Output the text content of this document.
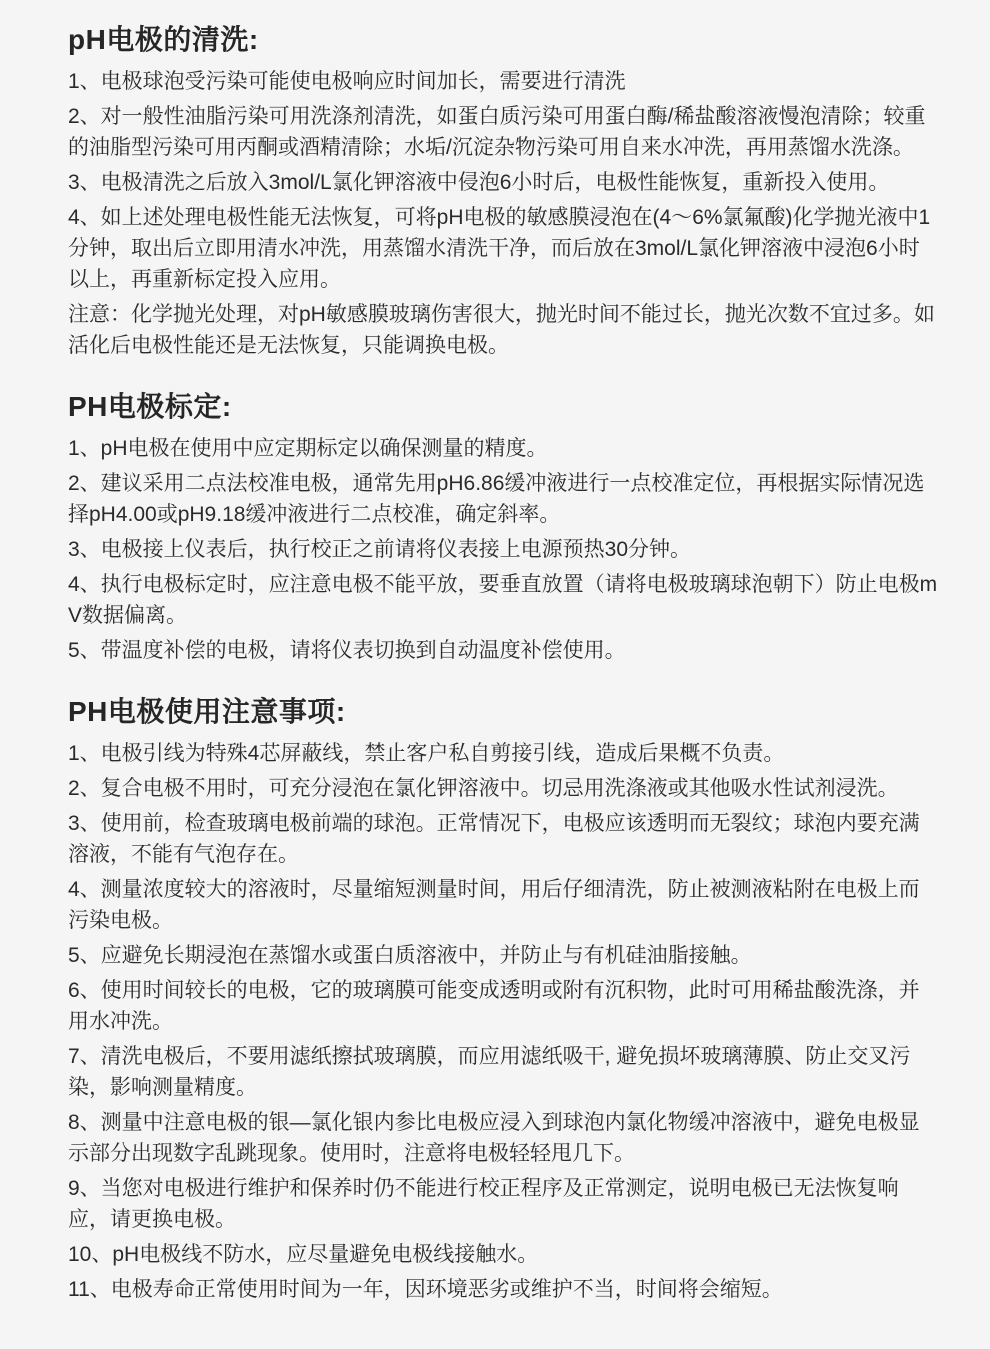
pH电极的清洗:

1、电极球泡受污染可能使电极响应时间加长，需要进行清洗

2、对一般性油脂污染可用洗涤剂清洗，如蛋白质污染可用蛋白酶/稀盐酸溶液慢泡清除；较重的油脂型污染可用丙酮或酒精清除；水垢/沉淀杂物污染可用自来水冲洗，再用蒸馏水洗涤。

3、电极清洗之后放入3mol/L氯化钾溶液中侵泡6小时后，电极性能恢复，重新投入使用。

4、如上述处理电极性能无法恢复，可将pH电极的敏感膜浸泡在(4～6%氯氟酸)化学抛光液中1分钟，取出后立即用清水冲洗，用蒸馏水清洗干净，而后放在3mol/L氯化钾溶液中浸泡6小时以上，再重新标定投入应用。

注意：化学抛光处理，对pH敏感膜玻璃伤害很大，抛光时间不能过长，抛光次数不宜过多。如活化后电极性能还是无法恢复，只能调换电极。

PH电极标定:

1、pH电极在使用中应定期标定以确保测量的精度。

2、建议采用二点法校准电极，通常先用pH6.86缓冲液进行一点校准定位，再根据实际情况选择pH4.00或pH9.18缓冲液进行二点校准，确定斜率。

3、电极接上仪表后，执行校正之前请将仪表接上电源预热30分钟。

4、执行电极标定时，应注意电极不能平放，要垂直放置（请将电极玻璃球泡朝下）防止电极mV数据偏离。

5、带温度补偿的电极，请将仪表切换到自动温度补偿使用。

PH电极使用注意事项:

1、电极引线为特殊4芯屏蔽线，禁止客户私自剪接引线，造成后果概不负责。

2、复合电极不用时，可充分浸泡在氯化钾溶液中。切忌用洗涤液或其他吸水性试剂浸洗。

3、使用前，检查玻璃电极前端的球泡。正常情况下，电极应该透明而无裂纹；球泡内要充满溶液，不能有气泡存在。

4、测量浓度较大的溶液时，尽量缩短测量时间，用后仔细清洗，防止被测液粘附在电极上而污染电极。

5、应避免长期浸泡在蒸馏水或蛋白质溶液中，并防止与有机硅油脂接触。

6、使用时间较长的电极，它的玻璃膜可能变成透明或附有沉积物，此时可用稀盐酸洗涤，并用水冲洗。

7、清洗电极后，不要用滤纸擦拭玻璃膜，而应用滤纸吸干, 避免损坏玻璃薄膜、防止交叉污染，影响测量精度。

8、测量中注意电极的银—氯化银内参比电极应浸入到球泡内氯化物缓冲溶液中，避免电极显示部分出现数字乱跳现象。使用时，注意将电极轻轻甩几下。

9、当您对电极进行维护和保养时仍不能进行校正程序及正常测定，说明电极已无法恢复响应，请更换电极。

10、pH电极线不防水，应尽量避免电极线接触水。

11、电极寿命正常使用时间为一年，因环境恶劣或维护不当，时间将会缩短。
